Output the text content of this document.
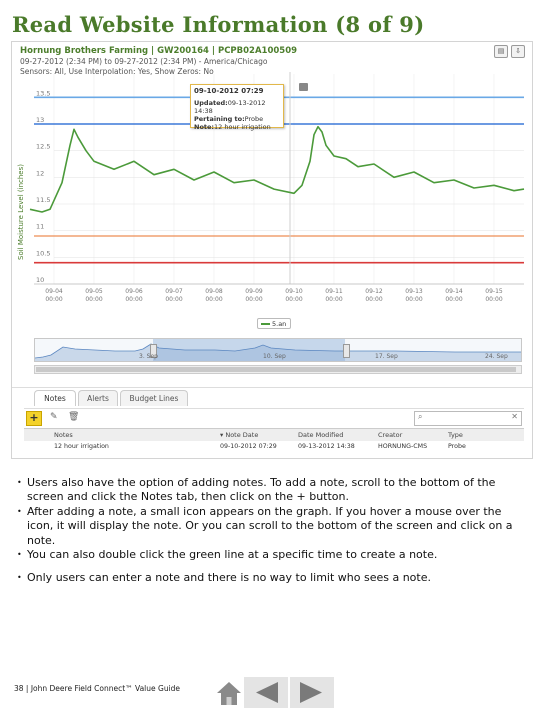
Read Website Information (8 of 9)
10
10.5
11
11.5
12
12.5
13
13.5
09-04 00:00
09-05 00:00
09-06 00:00
09-07 00:00
09-08 00:00
09-09 00:00
09-10 00:00
09-11 00:00
09-12 00:00
09-13 00:00
09-14 00:00
09-15 00:00
Hornung Brothers Farming | GW200164 | PCPB02A100509
09-27-2012 (2:34 PM) to 09-27-2012 (2:34 PM) - America/Chicago
Sensors: All, Use Interpolation: Yes, Show Zeros: No
▤	⇩
Soil Moisture Level (inches)
09-10-2012 07:29
Updated:09-13-2012 14:38
Pertaining to:Probe
Note:12 hour irrigation
5.an
3. Sep	10. Sep	17. Sep	24. Sep
Notes	Alerts	Budget Lines
+	✎ 🗑	⌕	✕
Notes	▾ Note Date	Date Modified	Creator	Type
12 hour irrigation	09-10-2012 07:29	09-13-2012 14:38	HORNUNG-CMS	Probe
• Users also have the option of adding notes. To add a note, scroll to the bottom of the screen and click the Notes tab, then click on the + button.
• After adding a note, a small icon appears on the graph. If you hover a mouse over the icon, it will display the note. Or you can scroll to the bottom of the screen and click on a note.
• You can also double click the green line at a specific time to create a note.
• Only users can enter a note and there is no way to limit who sees a note.
38 | John Deere Field Connect™ Value Guide
